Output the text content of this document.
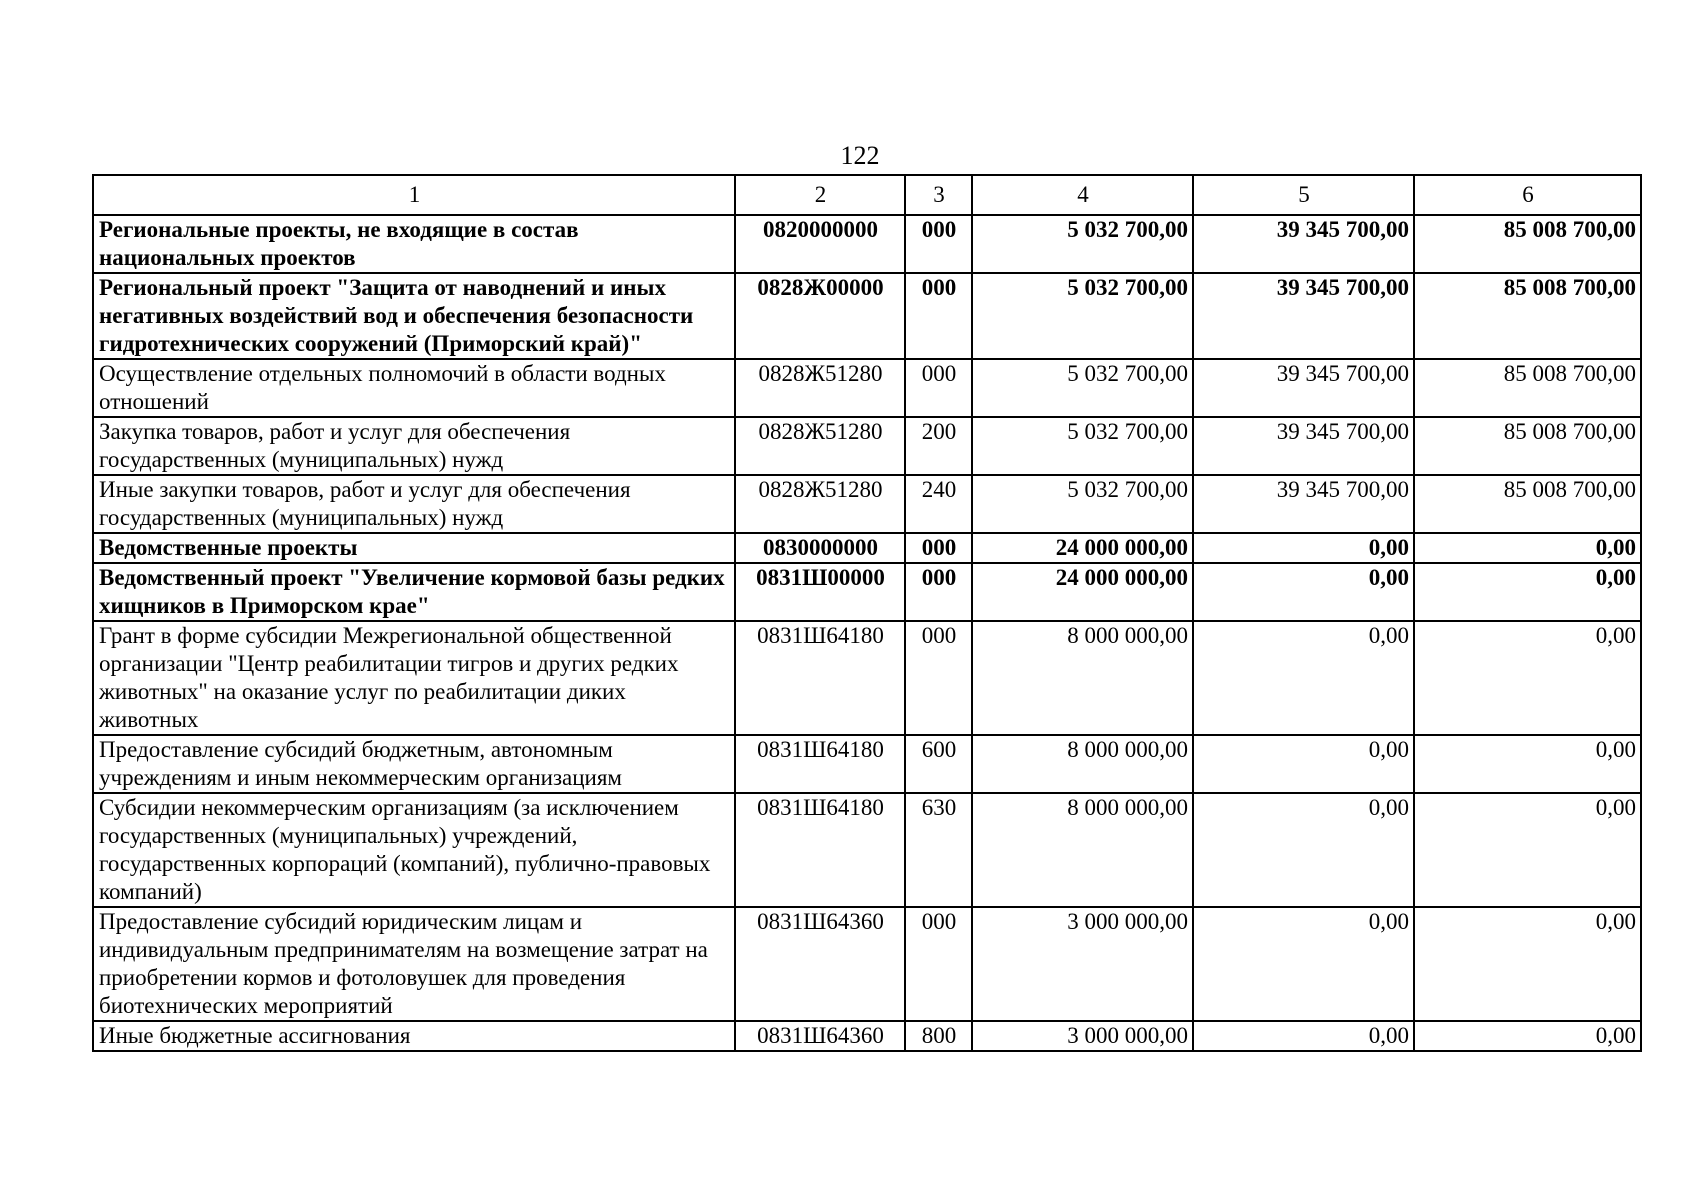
122
1	2	3	4	5	6
Региональные проекты, не входящие в состав национальных проектов	0820000000	000	5 032 700,00	39 345 700,00	85 008 700,00
Региональный проект "Защита от наводнений и иных негативных воздействий вод и обеспечения безопасности гидротехнических сооружений (Приморский край)"	0828Ж00000	000	5 032 700,00	39 345 700,00	85 008 700,00
Осуществление отдельных полномочий в области водных отношений	0828Ж51280	000	5 032 700,00	39 345 700,00	85 008 700,00
Закупка товаров, работ и услуг для обеспечения государственных (муниципальных) нужд	0828Ж51280	200	5 032 700,00	39 345 700,00	85 008 700,00
Иные закупки товаров, работ и услуг для обеспечения государственных (муниципальных) нужд	0828Ж51280	240	5 032 700,00	39 345 700,00	85 008 700,00
Ведомственные проекты	0830000000	000	24 000 000,00	0,00	0,00
Ведомственный проект "Увеличение кормовой базы редких хищников в Приморском крае"	0831Ш00000	000	24 000 000,00	0,00	0,00
Грант в форме субсидии Межрегиональной общественной организации "Центр реабилитации тигров и других редких животных" на оказание услуг по реабилитации диких животных	0831Ш64180	000	8 000 000,00	0,00	0,00
Предоставление субсидий бюджетным, автономным учреждениям и иным некоммерческим организациям	0831Ш64180	600	8 000 000,00	0,00	0,00
Субсидии некоммерческим организациям (за исключением государственных (муниципальных) учреждений, государственных корпораций (компаний), публично-правовых компаний)	0831Ш64180	630	8 000 000,00	0,00	0,00
Предоставление субсидий юридическим лицам и индивидуальным предпринимателям на возмещение затрат на приобретении кормов и фотоловушек для проведения биотехнических мероприятий	0831Ш64360	000	3 000 000,00	0,00	0,00
Иные бюджетные ассигнования	0831Ш64360	800	3 000 000,00	0,00	0,00
